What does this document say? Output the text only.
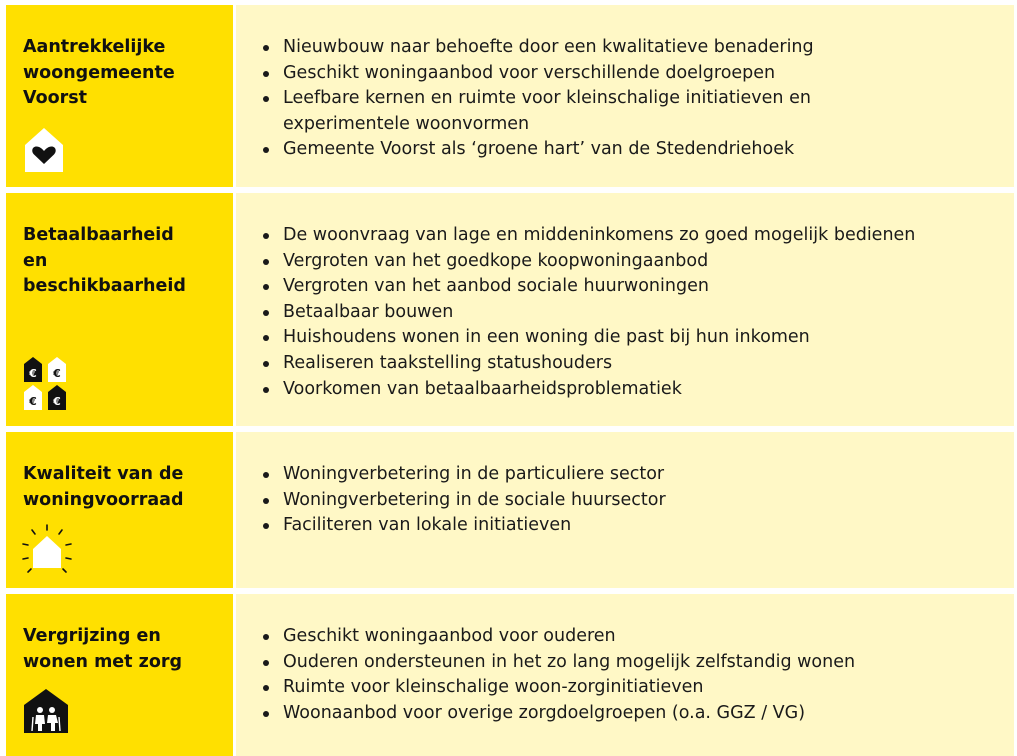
Aantrekkelijke
woongemeente
Voorst
Nieuwbouw naar behoefte door een kwalitatieve benadering
Geschikt woningaanbod voor verschillende doelgroepen
Leefbare kernen en ruimte voor kleinschalige initiatieven en
experimentele woonvormen
Gemeente Voorst als ‘groene hart’ van de Stedendriehoek
Betaalbaarheid
en
beschikbaarheid
€ €
€ €
De woonvraag van lage en middeninkomens zo goed mogelijk bedienen
Vergroten van het goedkope koopwoningaanbod
Vergroten van het aanbod sociale huurwoningen
Betaalbaar bouwen
Huishoudens wonen in een woning die past bij hun inkomen
Realiseren taakstelling statushouders
Voorkomen van betaalbaarheidsproblematiek
Kwaliteit van de
woningvoorraad
Woningverbetering in de particuliere sector
Woningverbetering in de sociale huursector
Faciliteren van lokale initiatieven
Vergrijzing en
wonen met zorg
Geschikt woningaanbod voor ouderen
Ouderen ondersteunen in het zo lang mogelijk zelfstandig wonen
Ruimte voor kleinschalige woon-zorginitiatieven
Woonaanbod voor overige zorgdoelgroepen (o.a. GGZ / VG)
